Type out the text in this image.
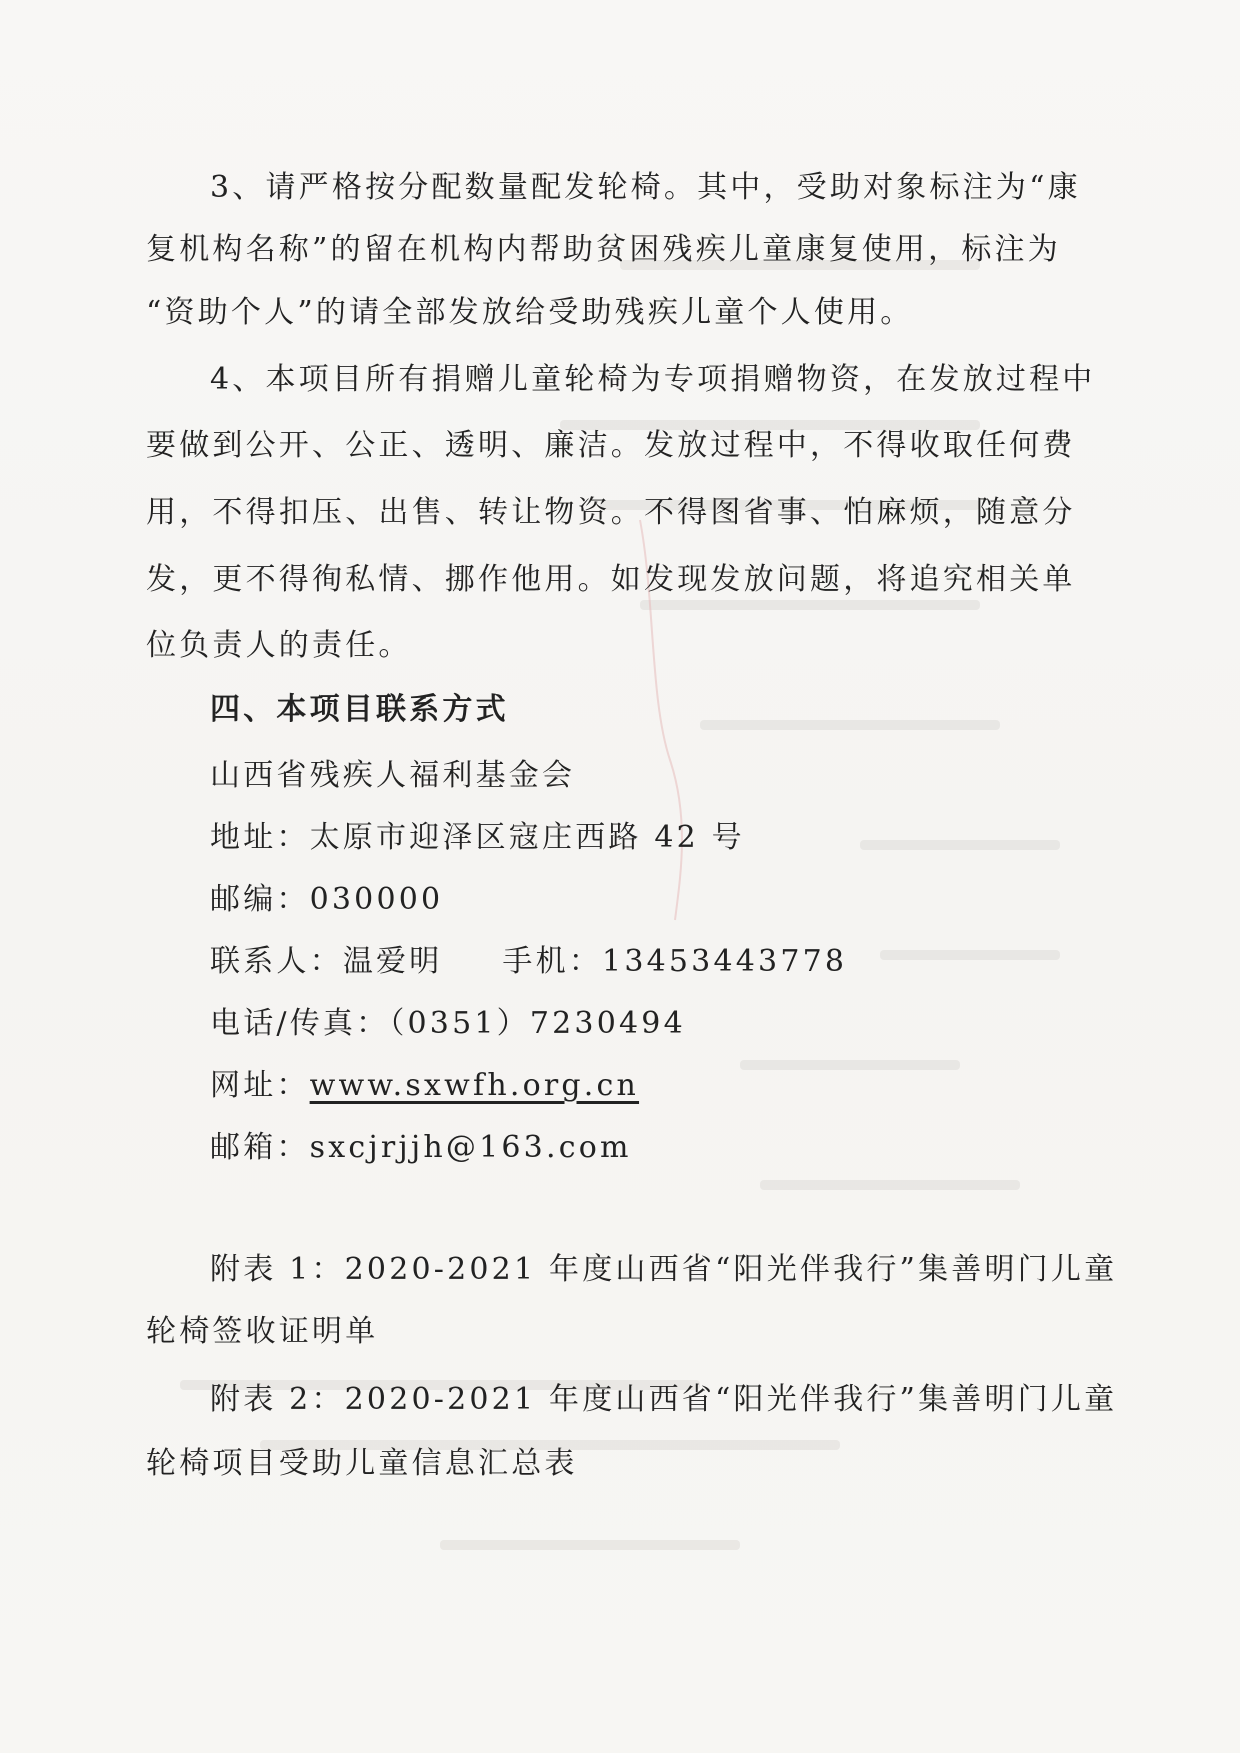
3、请严格按分配数量配发轮椅。其中，受助对象标注为“康
复机构名称”的留在机构内帮助贫困残疾儿童康复使用，标注为
“资助个人”的请全部发放给受助残疾儿童个人使用。
4、本项目所有捐赠儿童轮椅为专项捐赠物资，在发放过程中
要做到公开、公正、透明、廉洁。发放过程中，不得收取任何费
用，不得扣压、出售、转让物资。不得图省事、怕麻烦，随意分
发，更不得徇私情、挪作他用。如发现发放问题，将追究相关单
位负责人的责任。
四、本项目联系方式
山西省残疾人福利基金会
地址：太原市迎泽区寇庄西路 42 号
邮编：030000
联系人：温爱明 手机：13453443778
电话/传真：（0351）7230494
网址：www.sxwfh.org.cn
邮箱：sxcjrjjh@163.com
附表 1：2020-2021 年度山西省“阳光伴我行”集善明门儿童
轮椅签收证明单
附表 2：2020-2021 年度山西省“阳光伴我行”集善明门儿童
轮椅项目受助儿童信息汇总表
